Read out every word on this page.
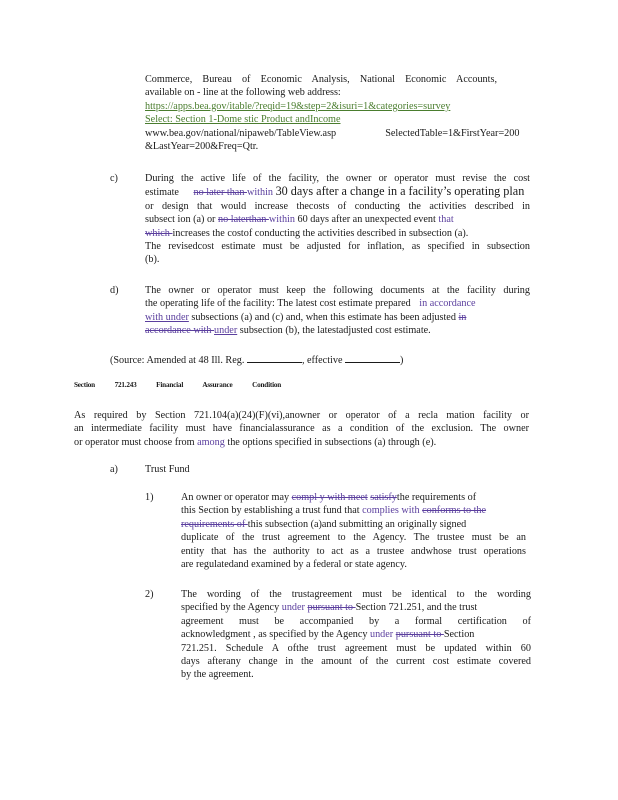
Commerce, Bureau of Economic Analysis, National Economic Accounts,
available on - line at the following web address:
https://apps.bea.gov/itable/?reqid=19&step=2&isuri=1&categories=survey
Select: Section 1-Dome stic Product andIncome
www.bea.gov/national/nipaweb/TableView.asp	SelectedTable=1&FirstYear=200
&LastYear=200&Freq=Qtr.
c)	During the active life of the facility, the owner or operator must revise the cost
estimate no later than within 30 days after a change in a facility’s operating plan
or design that would increase thecosts of conducting the activities described in
subsect ion (a) or no laterthan within 60 days after an unexpected event that
which increases the costof conducting the activities described in subsection (a).
The revisedcost estimate must be adjusted for inflation, as specified in subsection
(b).
d)	The owner or operator must keep the following documents at the facility during
the operating life of the facility: The latest cost estimate prepared in accordance
with under subsections (a) and (c) and, when this estimate has been adjusted in
accordance with under subsection (b), the latestadjusted cost estimate.
(Source: Amended at 48 Ill. Reg.	, effective	)
Section	721.243	Financial	Assurance	Condition
As required by Section 721.104(a)(24)(F)(vi),anowner or operator of a recla mation facility or
an intermediate facility must have financialassurance as a condition of the exclusion. The owner
or operator must choose from among the options specified in subsections (a) through (e).
a)	Trust Fund
1)	An owner or operator may compl y with meet satisfythe requirements of
this Section by establishing a trust fund that complies with conforms to the
requirements of this subsection (a)and submitting an originally signed
duplicate of the trust agreement to the Agency. The trustee must be an
entity that has the authority to act as a trustee andwhose trust operations
are regulatedand examined by a federal or state agency.
2)	The wording of the trustagreement must be identical to the wording
specified by the Agency under pursuant to Section 721.251, and the trust
agreement must be accompanied by a formal certification of
acknowledgment , as specified by the Agency under pursuant to Section
721.251. Schedule A ofthe trust agreement must be updated within 60
days afterany change in the amount of the current cost estimate covered
by the agreement.
